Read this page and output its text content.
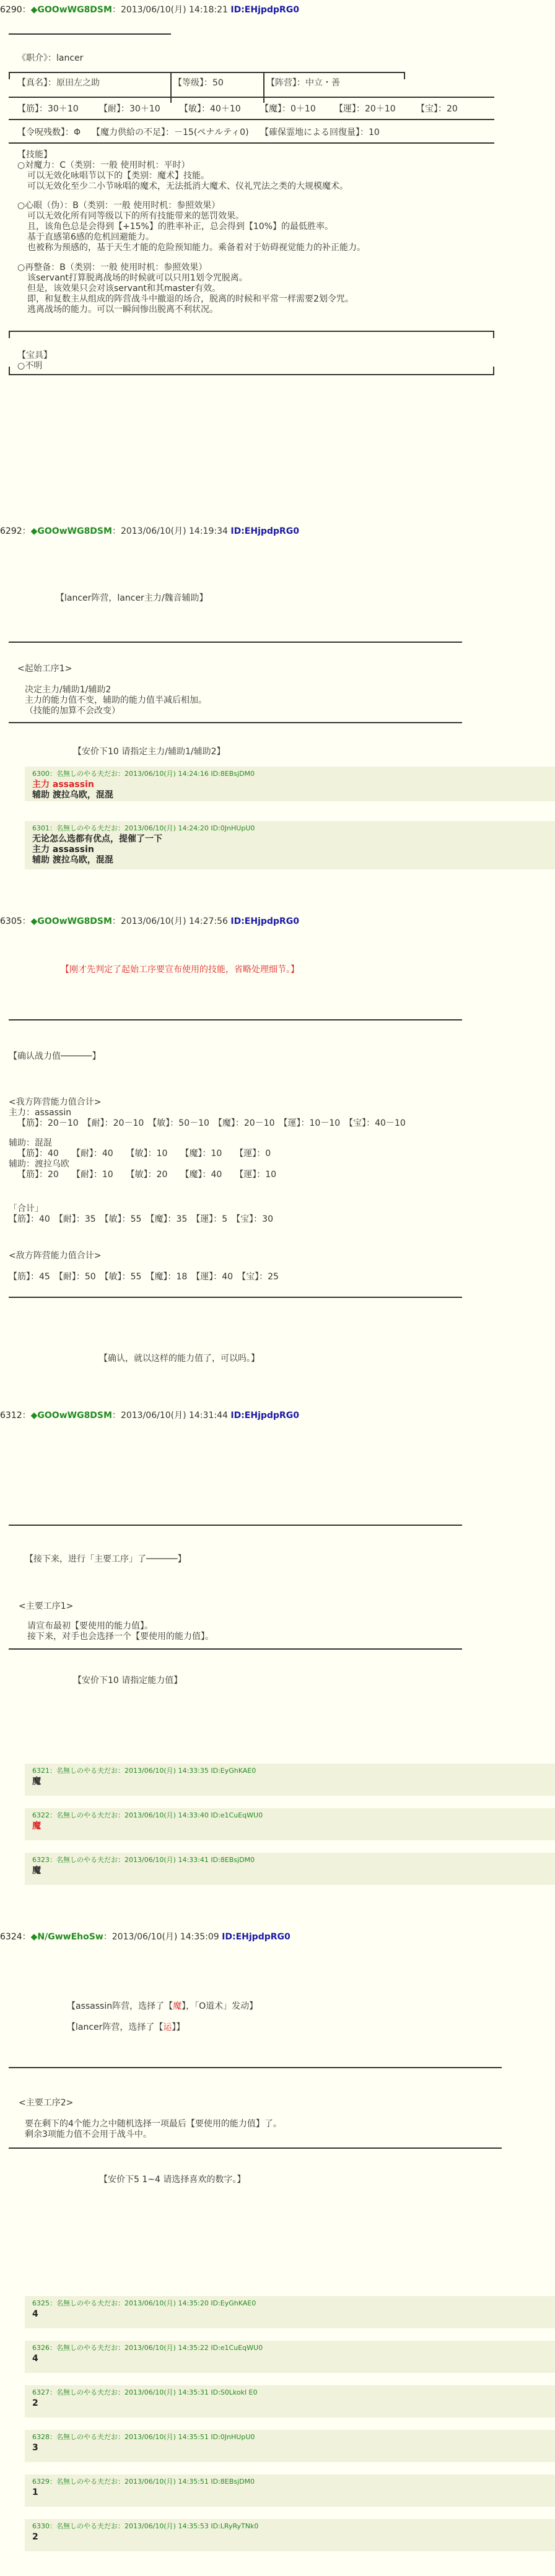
6290：◆GOOwWG8DSM：2013/06/10(月) 14:18:21 ID:EHjpdpRG0
《职介》：lancer
【真名】：原田左之助	【等级】：50	【阵营】：中立・善
【筋】：30＋10 【耐】：30＋10 【敏】：40＋10 【魔】：0＋10 【運】：20＋10 【宝】：20
【令呪残数】：Φ 【魔力供給の不足】：－15(ペナルティ0) 【確保霊地による回復量】：10
【技能】
○対魔力：C（类别：一般 使用时机：平时）
可以无效化咏唱节以下的【类别：魔术】技能。
可以无效化至少二小节咏唱的魔术，无法抵消大魔术、仪礼咒法之类的大规模魔术。
○心眼（伪）：B（类别：一般 使用时机：参照效果）
可以无效化所有同等级以下的所有技能带来的惩罚效果。
且，该角色总是会得到【+15%】的胜率补正，总会得到【10%】的最低胜率。
基于直感第6感的危机回避能力。
也被称为预感的，基于天生才能的危险预知能力。乘备着对于妨碍视觉能力的补正能力。
○再整备：B（类别：一般 使用时机：参照效果）
该servant打算脱离战场的时候就可以只用1划令咒脱离。
但是，该效果只会对该servant和其master有效。
即，和复数主从组成的阵营战斗中撤退的场合，脱离的时候和平常一样需要2划令咒。
逃离战场的能力。可以一瞬间惨出脱离不利状况。
【宝具】
○不明
6292：◆GOOwWG8DSM：2013/06/10(月) 14:19:34 ID:EHjpdpRG0
【lancer阵营，lancer主力/魏音辅助】
<起始工序1>
决定主力/辅助1/辅助2
主力的能力值不变，辅助的能力值半减后相加。
（技能的加算不会改变）
【安价下10 请指定主力/辅助1/辅助2】
6300：名無しのやる夫だお：2013/06/10(月) 14:24:16 ID:8EBsjDM0
主力 assassin
辅助 渡拉乌欧，混混
6301：名無しのやる夫だお：2013/06/10(月) 14:24:20 ID:0JnHUpU0
无论怎么选都有优点，提催了一下
主力 assassin
辅助 渡拉乌欧，混混
6305：◆GOOwWG8DSM：2013/06/10(月) 14:27:56 ID:EHjpdpRG0
【刚才先判定了起始工序要宣布使用的技能，省略处理细节。】
【确认战力值──────】
<我方阵营能力值合计>
主力：assassin
【筋】：20－10　【耐】：20－10　【敏】：50－10　【魔】：20－10　【運】：10－10　【宝】：40－10
辅助：混混
【筋】：40　　【耐】：40　　【敏】：10　　【魔】：10　　【運】：0
辅助：渡拉乌欧
【筋】：20　　【耐】：10　　【敏】：20　　【魔】：40　　【運】：10
「合计」
【筋】：40　【耐】：35　【敏】：55　【魔】：35　【運】：5　【宝】：30
<敌方阵营能力值合计>
【筋】：45　【耐】：50　【敏】：55　【魔】：18　【運】：40　【宝】：25
【确认，就以这样的能力值了，可以吗。】
6312：◆GOOwWG8DSM：2013/06/10(月) 14:31:44 ID:EHjpdpRG0
【接下来，进行「主要工序」了──────】
<主要工序1>
请宣布最初【要使用的能力值】。
接下来，对手也会选择一个【要使用的能力值】。
【安价下10 请指定能力值】
6321：名無しのやる夫だお：2013/06/10(月) 14:33:35 ID:EyGhKAE0
魔
6322：名無しのやる夫だお：2013/06/10(月) 14:33:40 ID:e1CuEqWU0
魔
6323：名無しのやる夫だお：2013/06/10(月) 14:33:41 ID:8EBsjDM0
魔
6324：◆N/GwwEhoSw：2013/06/10(月) 14:35:09 ID:EHjpdpRG0
【assassin阵营，选择了【魔】，「O道术」发动】
【lancer阵营，选择了【运】】
<主要工序2>
要在剩下的4个能力之中随机选择一项最后【要使用的能力值】了。
剩余3项能力值不会用于战斗中。
【安价下5 1~4 请选择喜欢的数字。】
6325：名無しのやる夫だお：2013/06/10(月) 14:35:20 ID:EyGhKAE0
4
6326：名無しのやる夫だお：2013/06/10(月) 14:35:22 ID:e1CuEqWU0
4
6327：名無しのやる夫だお：2013/06/10(月) 14:35:31 ID:S0Lkokl E0
2
6328：名無しのやる夫だお：2013/06/10(月) 14:35:51 ID:0JnHUpU0
3
6329：名無しのやる夫だお：2013/06/10(月) 14:35:51 ID:8EBsjDM0
1
6330：名無しのやる夫だお：2013/06/10(月) 14:35:53 ID:LRyRyTNk0
2
